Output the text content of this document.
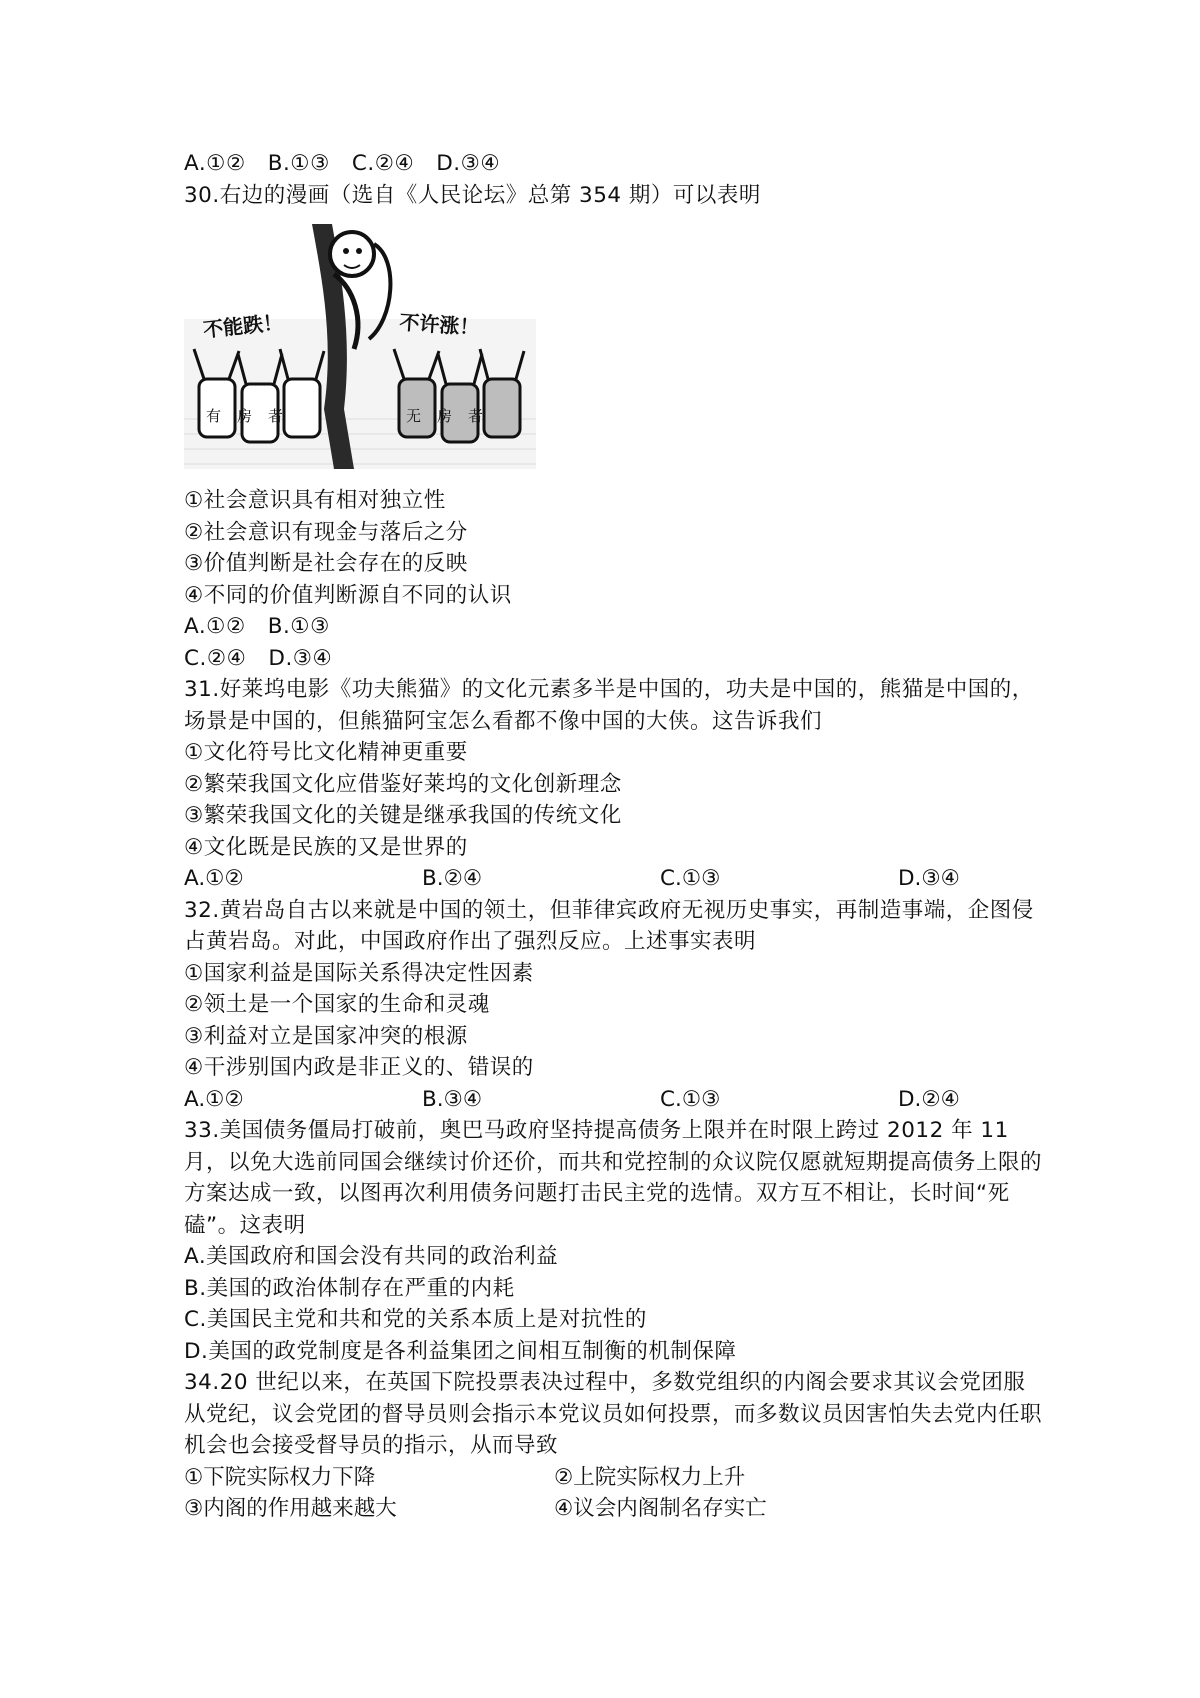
A.①②   B.①③   C.②④   D.③④
30.右边的漫画（选自《人民论坛》总第 354 期）可以表明
不能跌！	不许涨！
有房者	无房者
①社会意识具有相对独立性
②社会意识有现金与落后之分
③价值判断是社会存在的反映
④不同的价值判断源自不同的认识
A.①②   B.①③
C.②④   D.③④
31.好莱坞电影《功夫熊猫》的文化元素多半是中国的，功夫是中国的，熊猫是中国的，场景是中国的，但熊猫阿宝怎么看都不像中国的大侠。这告诉我们
①文化符号比文化精神更重要
②繁荣我国文化应借鉴好莱坞的文化创新理念
③繁荣我国文化的关键是继承我国的传统文化
④文化既是民族的又是世界的
A.①②	B.②④	C.①③	D.③④
32.黄岩岛自古以来就是中国的领土，但菲律宾政府无视历史事实，再制造事端，企图侵占黄岩岛。对此，中国政府作出了强烈反应。上述事实表明
①国家利益是国际关系得决定性因素
②领土是一个国家的生命和灵魂
③利益对立是国家冲突的根源
④干涉别国内政是非正义的、错误的
A.①②	B.③④	C.①③	D.②④
33.美国债务僵局打破前，奥巴马政府坚持提高债务上限并在时限上跨过 2012 年 11 月，以免大选前同国会继续讨价还价，而共和党控制的众议院仅愿就短期提高债务上限的方案达成一致，以图再次利用债务问题打击民主党的选情。双方互不相让，长时间“死磕”。这表明
A.美国政府和国会没有共同的政治利益
B.美国的政治体制存在严重的内耗
C.美国民主党和共和党的关系本质上是对抗性的
D.美国的政党制度是各利益集团之间相互制衡的机制保障
34.20 世纪以来，在英国下院投票表决过程中，多数党组织的内阁会要求其议会党团服从党纪，议会党团的督导员则会指示本党议员如何投票，而多数议员因害怕失去党内任职机会也会接受督导员的指示，从而导致
①下院实际权力下降	②上院实际权力上升
③内阁的作用越来越大	④议会内阁制名存实亡
